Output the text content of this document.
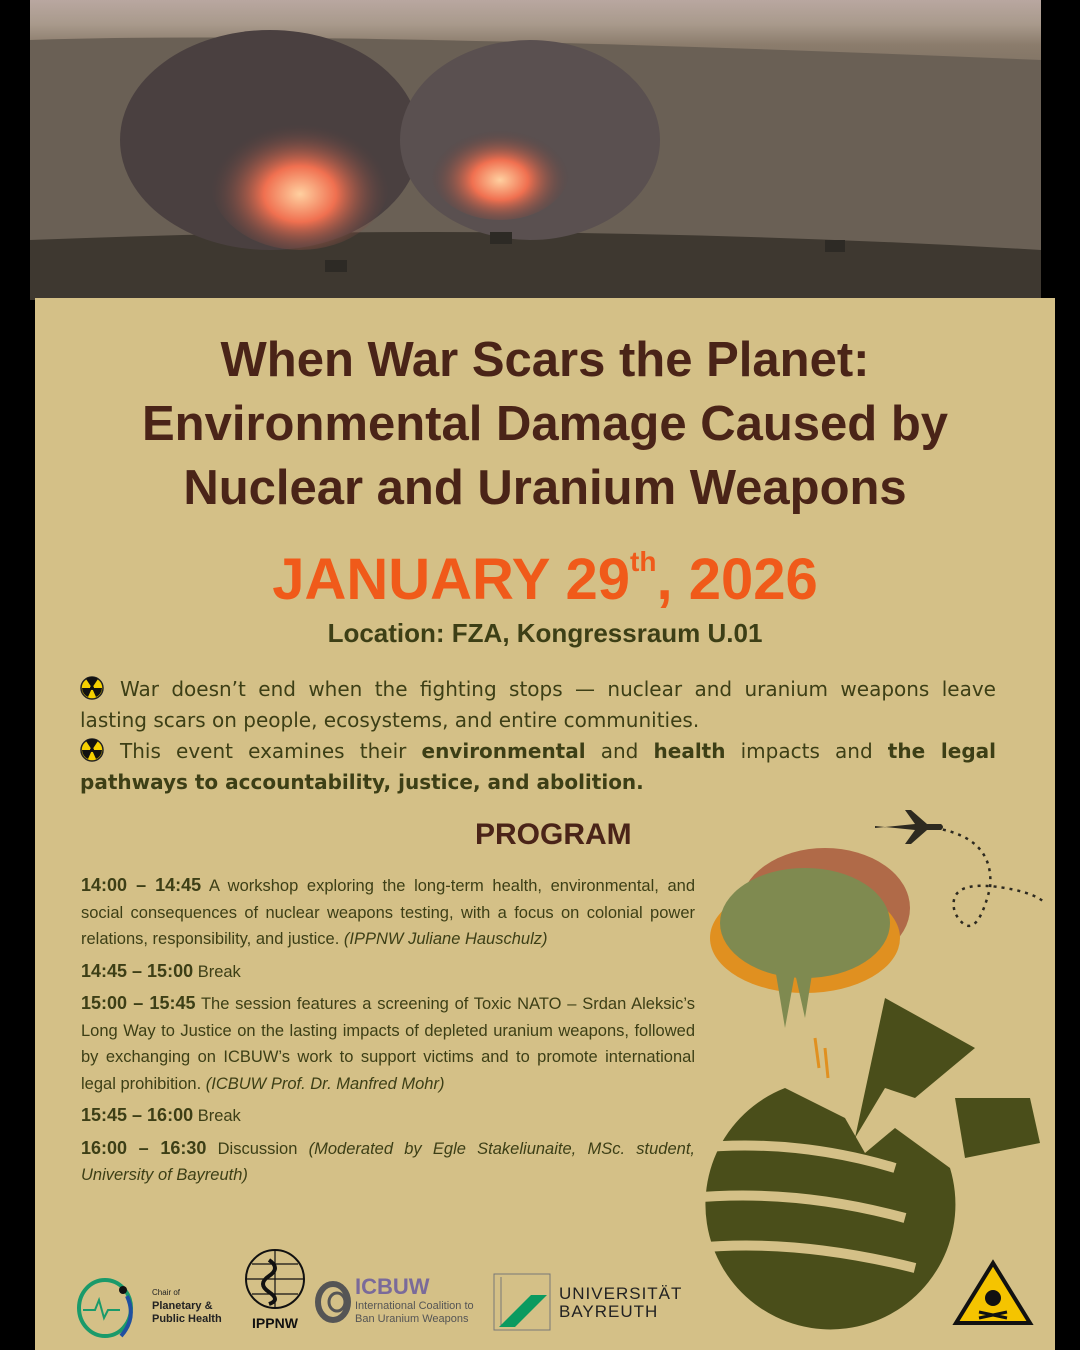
When War Scars the Planet:
Environmental Damage Caused by
Nuclear and Uranium Weapons
JANUARY 29th, 2026
Location: FZA, Kongressraum U.01
War doesn’t end when the fighting stops — nuclear and uranium weapons leave lasting scars on people, ecosystems, and entire communities.
This event examines their environmental and health impacts and the legal pathways to accountability, justice, and abolition.
PROGRAM
14:00 – 14:45 A workshop exploring the long-term health, environmental, and social consequences of nuclear weapons testing, with a focus on colonial power relations, responsibility, and justice. (IPPNW Juliane Hauschulz)
14:45 – 15:00 Break
15:00 – 15:45 The session features a screening of Toxic NATO – Srdan Aleksic’s Long Way to Justice on the lasting impacts of depleted uranium weapons, followed by exchanging on ICBUW’s work to support victims and to promote international legal prohibition. (ICBUW Prof. Dr. Manfred Mohr)
15:45 – 16:00 Break
16:00 – 16:30 Discussion (Moderated by Egle Stakeliunaite, MSc. student, University of Bayreuth)
Chair of
Planetary &
Public Health	IPPNW
ICBUW
International Coalition to
Ban Uranium Weapons
UNIVERSITÄT
BAYREUTH
